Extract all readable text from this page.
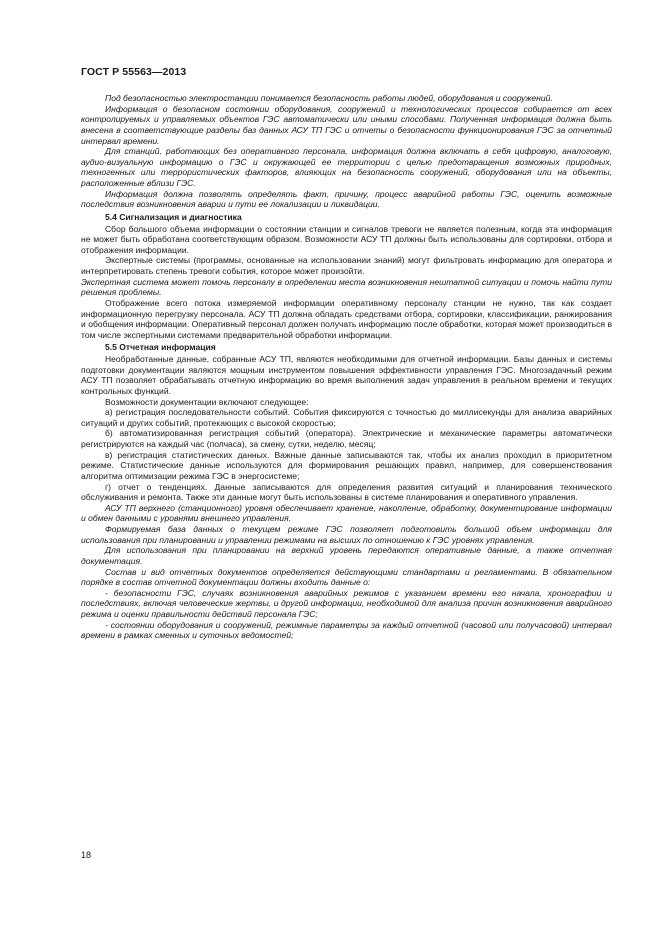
ГОСТ Р 55563—2013

Под безопасностью электростанции понимается безопасность работы людей, оборудования и сооружений.

Информация о безопасном состоянии оборудования, сооружений и технологических процессов собирается от всех контролируемых и управляемых объектов ГЭС автоматически или иными способами. Полученная информация должна быть внесена в соответствующие разделы баз данных АСУ ТП ГЭС и отчеты о безопасности функционирования ГЭС за отчетный интервал времени.

Для станций, работающих без оперативного персонала, информация должна включать в себя цифровую, аналоговую, аудио-визуальную информацию о ГЭС и окружающей ее территории с целью предотвращения возможных природных, техногенных или террористических факторов, влияющих на безопасность сооружений, оборудования или на объекты, расположенные вблизи ГЭС.

Информация должна позволять определять факт, причину, процесс аварийной работы ГЭС, оценить возможные последствия возникновения аварии и пути ее локализации и ликвидации.

5.4 Сигнализация и диагностика

Сбор большого объема информации о состоянии станции и сигналов тревоги не является полезным, когда эта информация не может быть обработана соответствующим образом. Возможности АСУ ТП должны быть использованы для сортировки, отбора и отображения информации.

Экспертные системы (программы, основанные на использовании знаний) могут фильтровать информацию для оператора и интерпретировать степень тревоги события, которое может произойти.

Экспертная система может помочь персоналу в определении места возникновения нештатной ситуации и помочь найти пути решения проблемы.

Отображение всего потока измеряемой информации оперативному персоналу станции не нужно, так как создает информационную перегрузку персонала. АСУ ТП должна обладать средствами отбора, сортировки, классификации, ранжирования и обобщения информации. Оперативный персонал должен получать информацию после обработки, которая может производиться в том числе экспертными системами предварительной обработки информации.

5.5 Отчетная информация

Необработанные данные, собранные АСУ ТП, являются необходимыми для отчетной информации. Базы данных и системы подготовки документации являются мощным инструментом повышения эффективности управления ГЭС. Многозадачный режим АСУ ТП позволяет обрабатывать отчетную информацию во время выполнения задач управления в реальном времени и текущих контрольных функций.

Возможности документации включают следующее:

а) регистрация последовательности событий. События фиксируются с точностью до миллисекунды для анализа аварийных ситуаций и других событий, протекающих с высокой скоростью;

б) автоматизированная регистрация событий (оператора). Электрические и механические параметры автоматически регистрируются на каждый час (полчаса), за смену, сутки, неделю, месяц;

в) регистрация статистических данных. Важные данные записываются так, чтобы их анализ проходил в приоритетном режиме. Статистические данные используются для формирования решающих правил, например, для совершенствования алгоритма оптимизации режима ГЭС в энергосистеме;

г) отчет о тенденциях. Данные записываются для определения развития ситуаций и планирования технического обслуживания и ремонта. Также эти данные могут быть использованы в системе планирования и оперативного управления.

АСУ ТП верхнего (станционного) уровня обеспечивает хранение, накопление, обработку, документирование информации и обмен данными с уровнями внешнего управления.

Формируемая база данных о текущем режиме ГЭС позволяет подготовить большой объем информации для использования при планировании и управлении режимами на высших по отношению к ГЭС уровнях управления.

Для использования при планировании на верхний уровень передаются оперативные данные, а также отчетная документация.

Состав и вид отчетных документов определяется действующими стандартами и регламентами. В обязательном порядке в состав отчетной документации должны входить данные о:

- безопасности ГЭС, случаях возникновения аварийных режимов с указанием времени его начала, хронографии и последствиях, включая человеческие жертвы, и другой информации, необходимой для анализа причин возникновения аварийного режима и оценки правильности действий персонала ГЭС;

- состоянии оборудования и сооружений, режимные параметры за каждый отчетной (часовой или получасовой) интервал времени в рамках сменных и суточных ведомостей;

18
